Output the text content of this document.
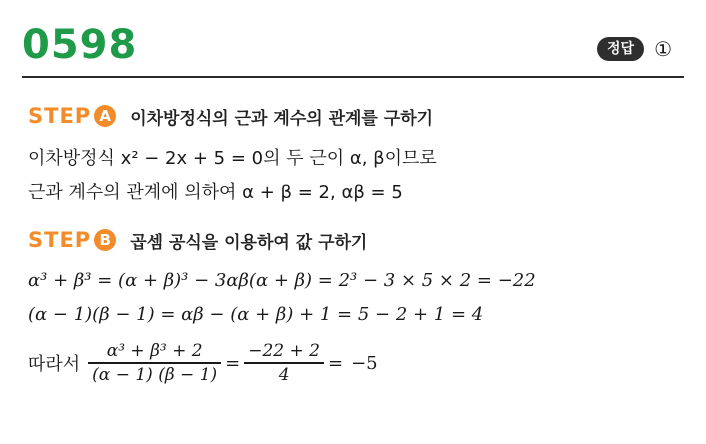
0598	정답	①
STEP A	이차방정식의 근과 계수의 관계를 구하기
이차방정식 x² − 2x + 5 = 0의 두 근이 α, β이므로
근과 계수의 관계에 의하여 α + β = 2, αβ = 5
STEP B	곱셈 공식을 이용하여 값 구하기
α³ + β³ = (α + β)³ − 3αβ(α + β) = 2³ − 3 × 5 × 2 = −22
(α − 1)(β − 1) = αβ − (α + β) + 1 = 5 − 2 + 1 = 4
따라서 $\frac{\text{α³ + β³ + 2}}{(\alpha - 1) (\beta - 1)} = \frac{-22 + 2}{4} = -5$
